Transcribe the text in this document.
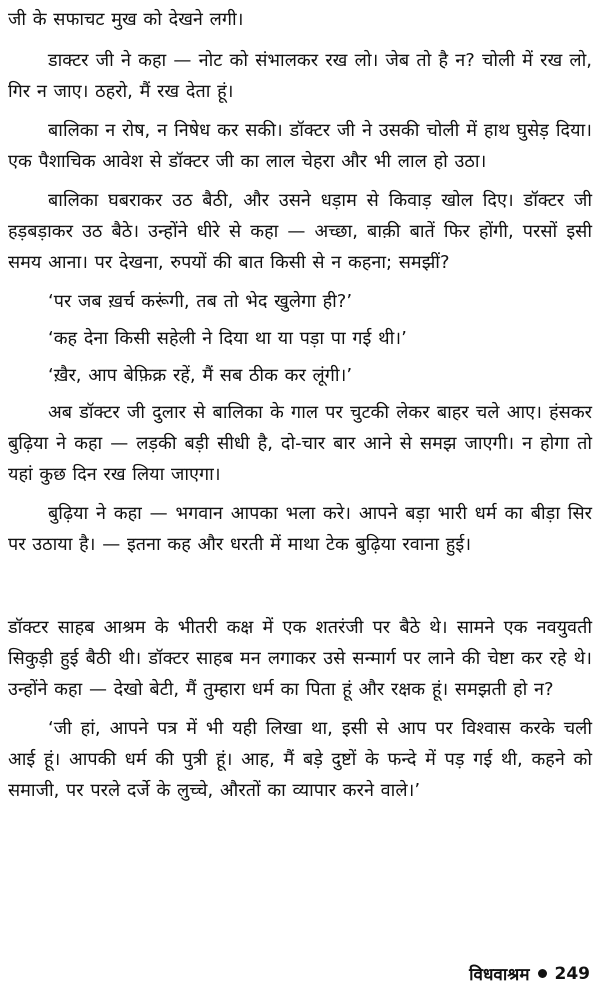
जी के सफाचट मुख को देखने लगी।

डाक्टर जी ने कहा — नोट को संभालकर रख लो। जेब तो है न? चोली में रख लो, गिर न जाए। ठहरो, मैं रख देता हूं।

बालिका न रोष, न निषेध कर सकी। डॉक्टर जी ने उसकी चोली में हाथ घुसेड़ दिया। एक पैशाचिक आवेश से डॉक्टर जी का लाल चेहरा और भी लाल हो उठा।

बालिका घबराकर उठ बैठी, और उसने धड़ाम से किवाड़ खोल दिए। डॉक्टर जी हड़बड़ाकर उठ बैठे। उन्होंने धीरे से कहा — अच्छा, बाक़ी बातें फिर होंगी, परसों इसी समय आना। पर देखना, रुपयों की बात किसी से न कहना; समझीं?

‘पर जब ख़र्च करूंगी, तब तो भेद खुलेगा ही?’

‘कह देना किसी सहेली ने दिया था या पड़ा पा गई थी।’

‘ख़ैर, आप बेफ़िक्र रहें, मैं सब ठीक कर लूंगी।’

अब डॉक्टर जी दुलार से बालिका के गाल पर चुटकी लेकर बाहर चले आए। हंसकर बुढ़िया ने कहा — लड़की बड़ी सीधी है, दो-चार बार आने से समझ जाएगी। न होगा तो यहां कुछ दिन रख लिया जाएगा।

बुढ़िया ने कहा — भगवान आपका भला करे। आपने बड़ा भारी धर्म का बीड़ा सिर पर उठाया है। — इतना कह और धरती में माथा टेक बुढ़िया रवाना हुई।

डॉक्टर साहब आश्रम के भीतरी कक्ष में एक शतरंजी पर बैठे थे। सामने एक नवयुवती सिकुड़ी हुई बैठी थी। डॉक्टर साहब मन लगाकर उसे सन्मार्ग पर लाने की चेष्टा कर रहे थे। उन्होंने कहा — देखो बेटी, मैं तुम्हारा धर्म का पिता हूं और रक्षक हूं। समझती हो न?

‘जी हां, आपने पत्र में भी यही लिखा था, इसी से आप पर विश्वास करके चली आई हूं। आपकी धर्म की पुत्री हूं। आह, मैं बड़े दुष्टों के फन्दे में पड़ गई थी, कहने को समाजी, पर परले दर्जे के लुच्चे, औरतों का व्यापार करने वाले।’

विधवाश्रम 249
